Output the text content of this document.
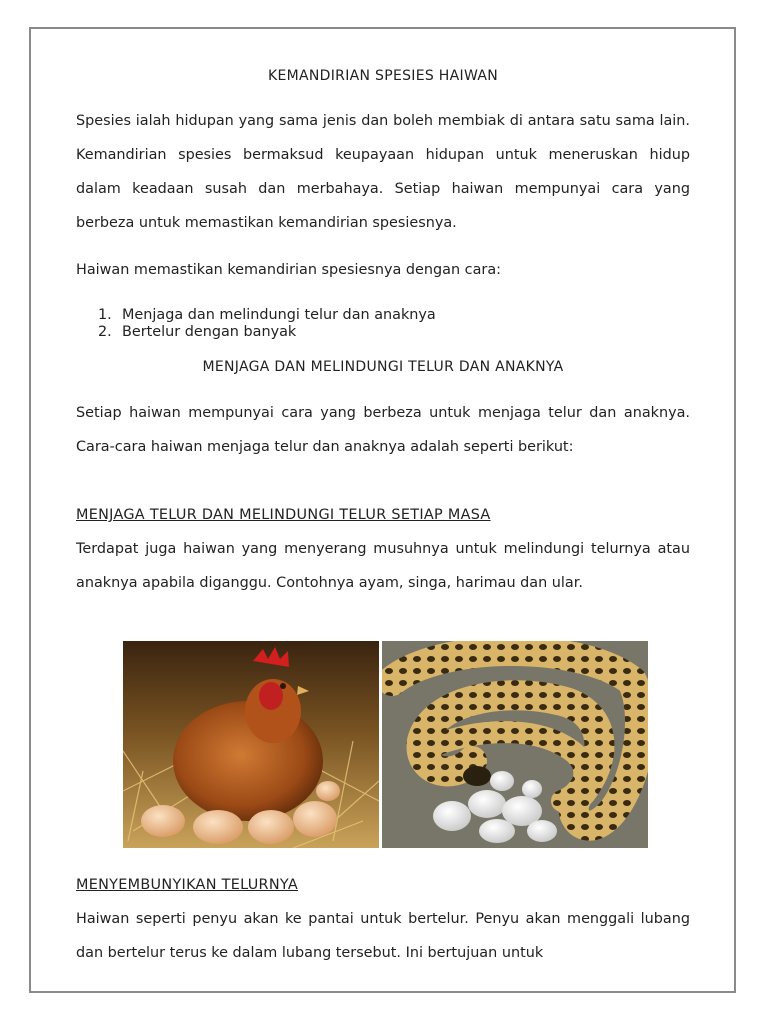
KEMANDIRIAN SPESIES HAIWAN

Spesies ialah hidupan yang sama jenis dan boleh membiak di antara satu sama lain. Kemandirian spesies bermaksud keupayaan hidupan untuk meneruskan hidup dalam keadaan susah dan merbahaya. Setiap haiwan mempunyai cara yang berbeza untuk memastikan kemandirian spesiesnya.

Haiwan memastikan kemandirian spesiesnya dengan cara:

1. Menjaga dan melindungi telur dan anaknya
2. Bertelur dengan banyak
MENJAGA DAN MELINDUNGI TELUR DAN ANAKNYA

Setiap haiwan mempunyai cara yang berbeza untuk menjaga telur dan anaknya. Cara-cara haiwan menjaga telur dan anaknya adalah seperti berikut:

MENJAGA TELUR DAN MELINDUNGI TELUR SETIAP MASA

Terdapat juga haiwan yang menyerang musuhnya untuk melindungi telurnya atau anaknya apabila diganggu. Contohnya ayam, singa, harimau dan ular.

MENYEMBUNYIKAN TELURNYA

Haiwan seperti penyu akan ke pantai untuk bertelur. Penyu akan menggali lubang dan bertelur terus ke dalam lubang tersebut. Ini bertujuan untuk
